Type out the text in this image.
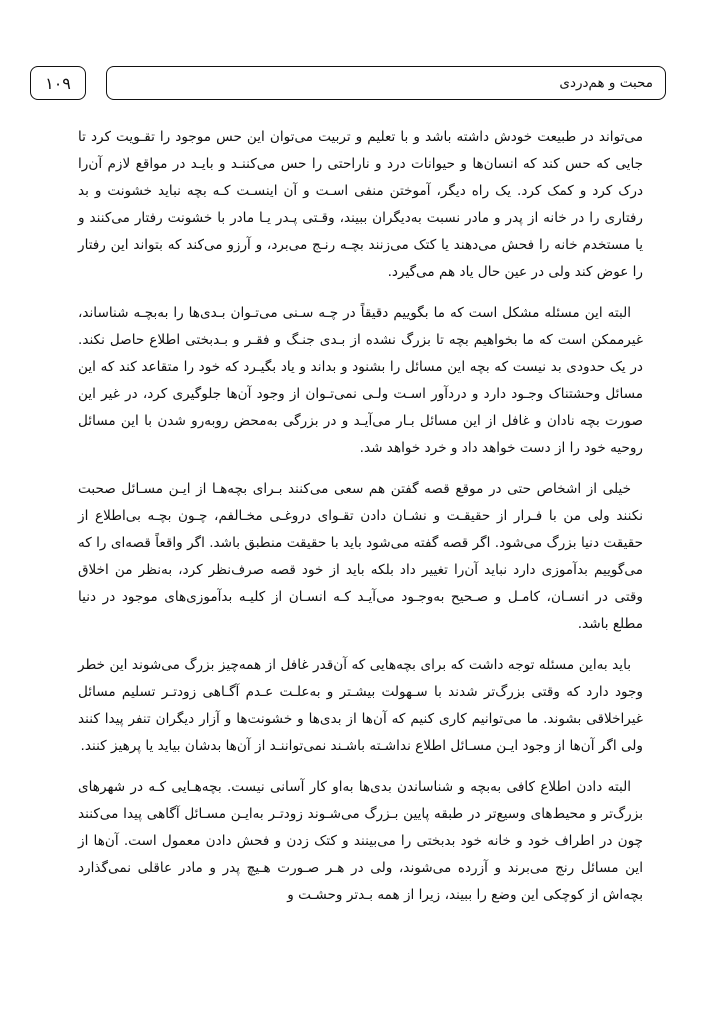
۱۰۹	محبت و هم‌دردی

می‌تواند در طبیعت خودش داشته باشد و با تعلیم و تربیت می‌توان این حس موجود را تقـویت کرد تا جایی که حس کند که انسان‌ها و حیوانات درد و ناراحتی را حس می‌کننـد و بایـد در مواقع لازم آن‌را درک کرد و کمک کرد. یک راه دیگر، آموختن منفی اسـت و آن اینسـت کـه بچه نباید خشونت و بد رفتاری را در خانه از پدر و مادر نسبت به‌دیگران ببیند، وقـتی پـدر یـا مادر با خشونت رفتار می‌کنند و یا مستخدم خانه را فحش می‌دهند یا کتک می‌زنند بچـه رنـج می‌برد، و آرزو می‌کند که بتواند این رفتار را عوض کند ولی در عین حال یاد هم می‌گیرد.

البته این مسئله مشکل است که ما بگوییم دقیقاً در چـه سـنی می‌تـوان بـدی‌ها را به‌بچـه شناساند، غیرممکن است که ما بخواهیم بچه تا بزرگ نشده از بـدی جنـگ و فقـر و بـدبختی اطلاع حاصل نکند. در یک حدودی بد نیست که بچه این مسائل را بشنود و بداند و یاد بگیـرد که خود را متقاعد کند که این مسائل وحشتناک وجـود دارد و دردآور اسـت ولـی نمی‌تـوان از وجود آن‌ها جلوگیری کرد، در غیر این صورت بچه نادان و غافل از این مسائل بـار می‌آیـد و در بزرگی به‌محض روبه‌رو شدن با این مسائل روحیه خود را از دست خواهد داد و خرد خواهد شد.

خیلی از اشخاص حتی در موقع قصه گفتن هم سعی می‌کنند بـرای بچه‌هـا از ایـن مسـائل صحبت نکنند ولی من با فـرار از حقیقـت و نشـان دادن تقـوای دروغـی مخـالفم، چـون بچـه بی‌اطلاع از حقیقت دنیا بزرگ می‌شود. اگر قصه گفته می‌شود باید با حقیقت منطبق باشد. اگر واقعاً قصه‌ای را که می‌گوییم بدآموزی دارد نباید آن‌را تغییر داد بلکه باید از خود قصه صرف‌نظر کرد، به‌نظر من اخلاق وقتی در انسـان، کامـل و صـحیح به‌وجـود می‌آیـد کـه انسـان از کلیـه بدآموزی‌های موجود در دنیا مطلع باشد.

باید به‌این مسئله توجه داشت که برای بچه‌هایی که آن‌قدر غافل از همه‌چیز بزرگ می‌شوند این خطر وجود دارد که وقتی بزرگ‌تر شدند با سـهولت بیشـتر و به‌علـت عـدم آگـاهی زودتـر تسلیم مسائل غیراخلاقی بشوند. ما می‌توانیم کاری کنیم که آن‌ها از بدی‌ها و خشونت‌ها و آزار دیگران تنفر پیدا کنند ولی اگر آن‌ها از وجود ایـن مسـائل اطلاع نداشـته باشـند نمی‌تواننـد از آن‌ها بدشان بیاید یا پرهیز کنند.

البته دادن اطلاع کافی به‌بچه و شناساندن بدی‌ها به‌او کار آسانی نیست. بچه‌هـایی کـه در شهرهای بزرگ‌تر و محیط‌های وسیع‌تر در طبقه پایین بـزرگ می‌شـوند زودتـر به‌ایـن مسـائل آگاهی پیدا می‌کنند چون در اطراف خود و خانه خود بدبختی را می‌بینند و کتک زدن و فحش دادن معمول است. آن‌ها از این مسائل رنج می‌برند و آزرده می‌شوند، ولی در هـر صـورت هـیچ پدر و مادر عاقلی نمی‌گذارد بچه‌اش از کوچکی این وضع را ببیند، زیرا از همه بـدتر وحشـت و
